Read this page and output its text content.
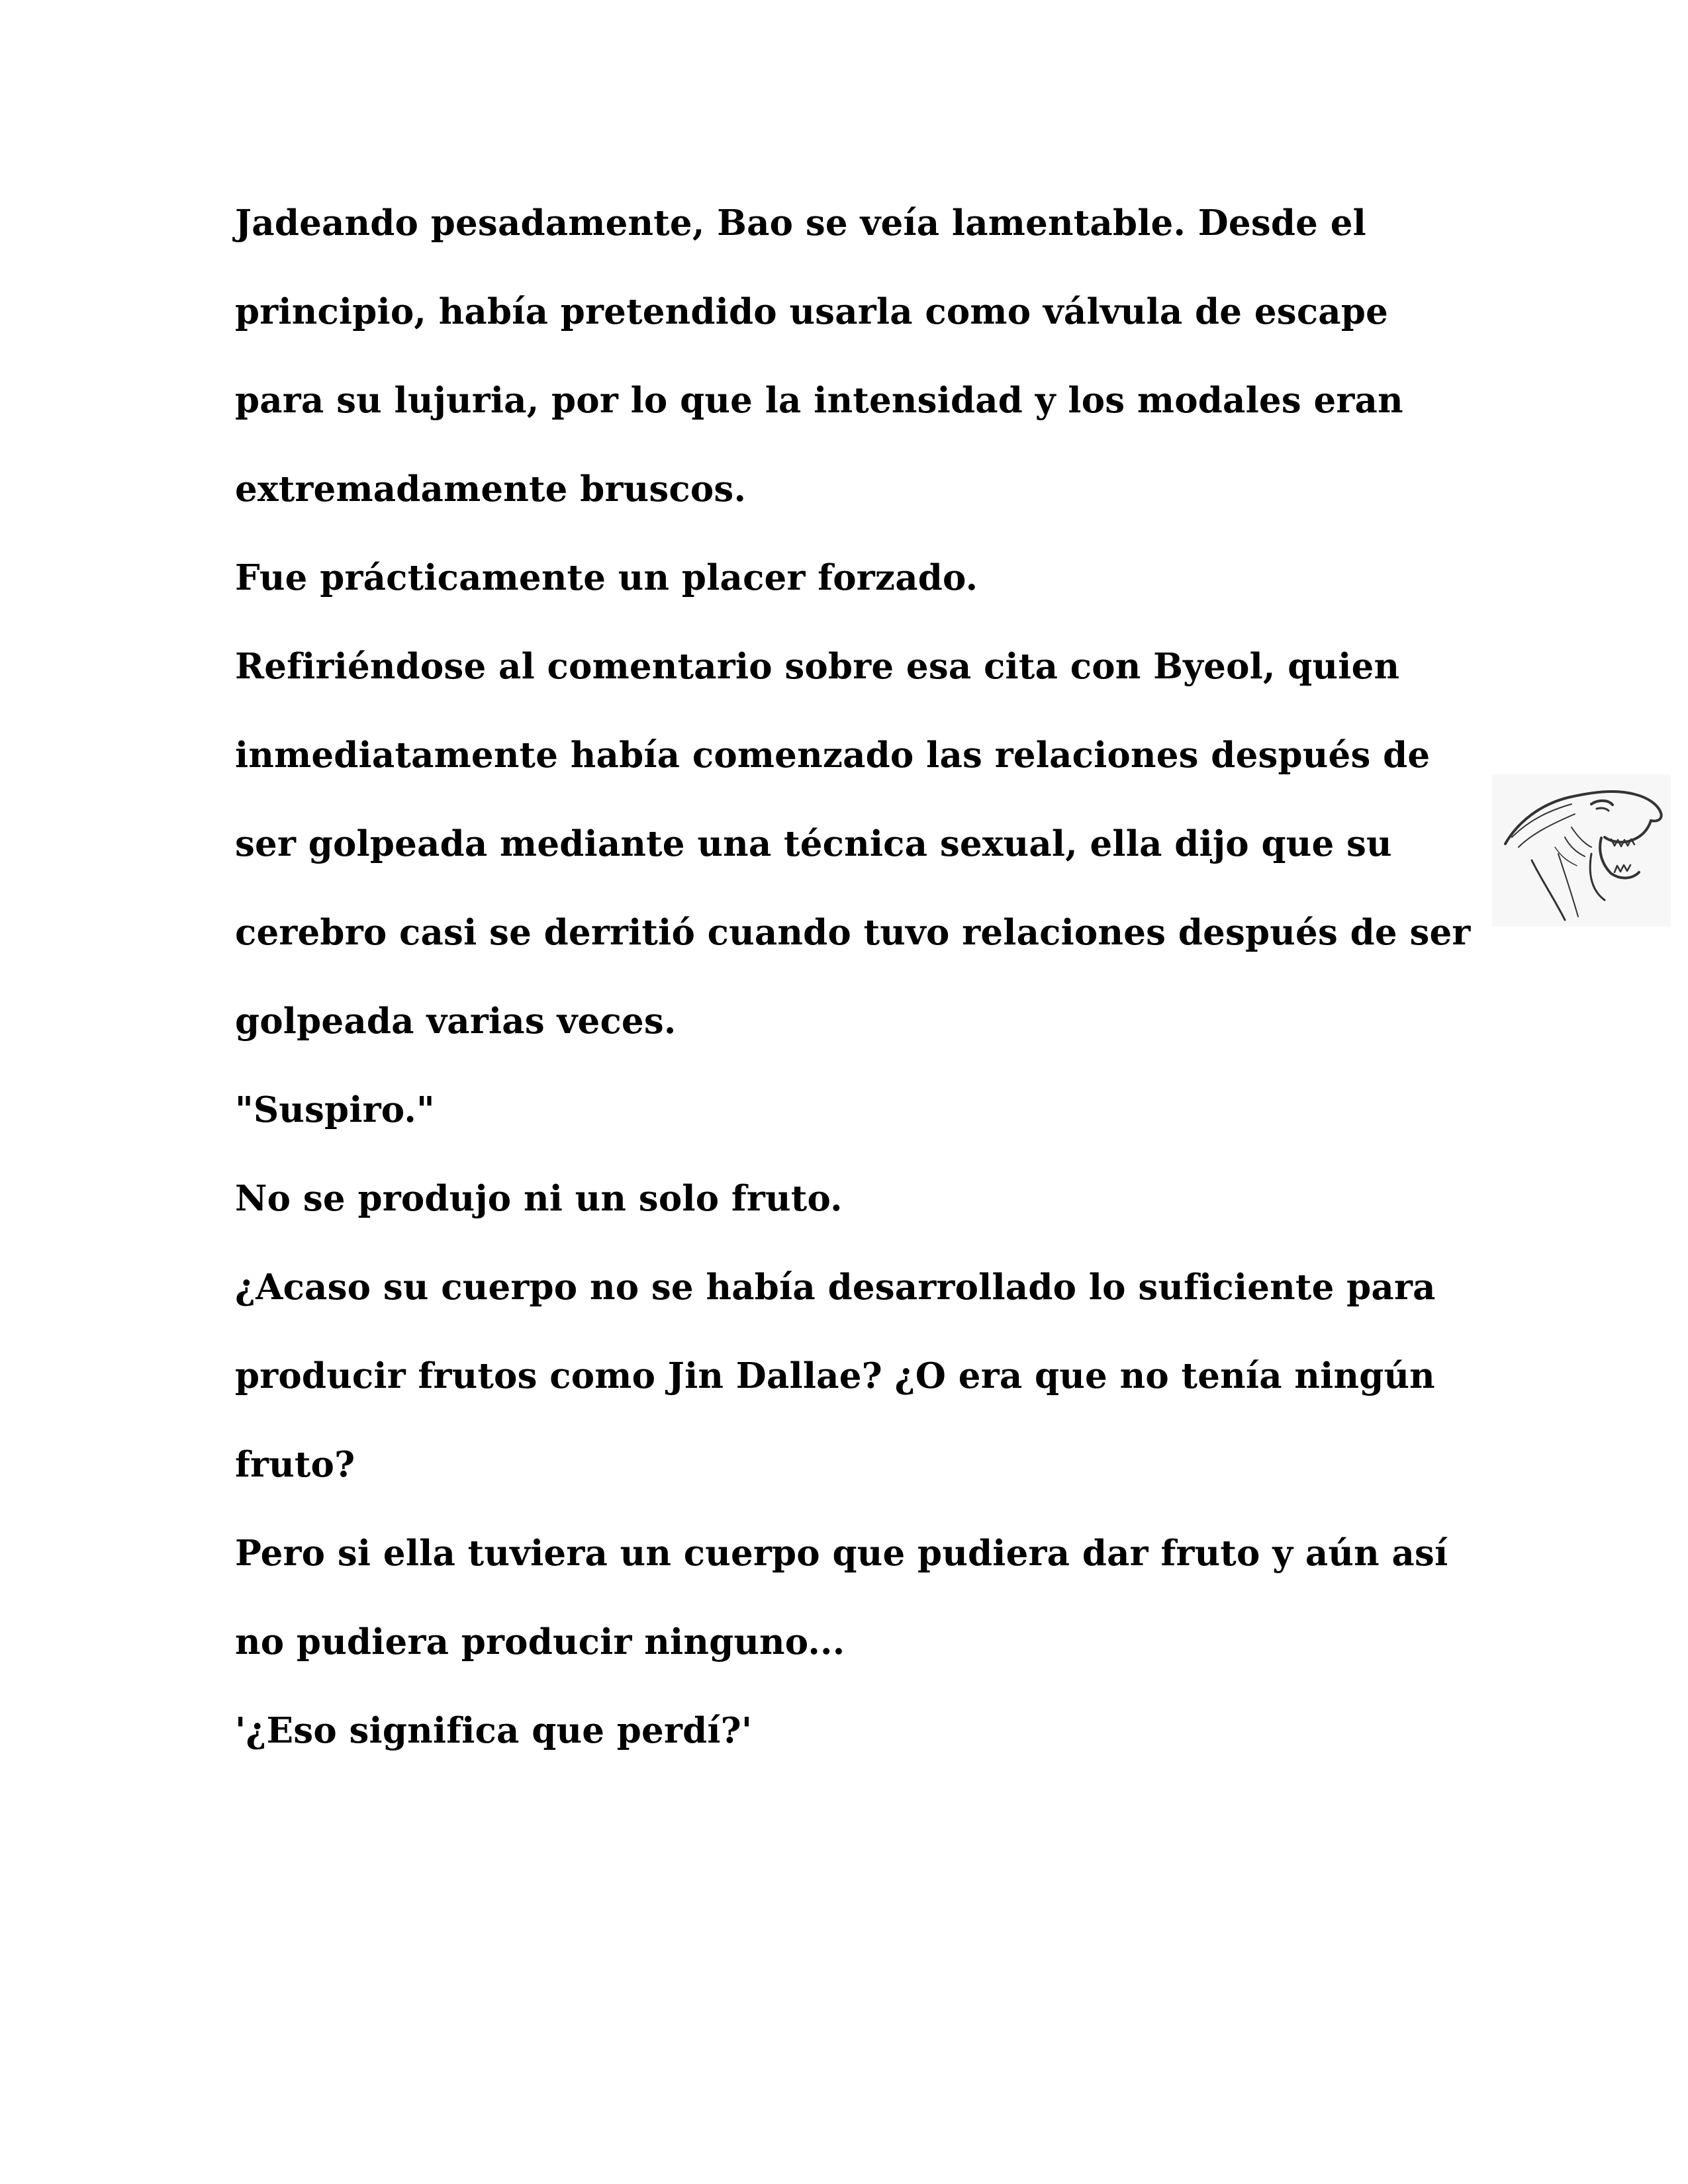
Jadeando pesadamente, Bao se veía lamentable. Desde el
principio, había pretendido usarla como válvula de escape
para su lujuria, por lo que la intensidad y los modales eran
extremadamente bruscos.
Fue prácticamente un placer forzado.
Refiriéndose al comentario sobre esa cita con Byeol, quien
inmediatamente había comenzado las relaciones después de
ser golpeada mediante una técnica sexual, ella dijo que su
cerebro casi se derritió cuando tuvo relaciones después de ser
golpeada varias veces.
"Suspiro."
No se produjo ni un solo fruto.
¿Acaso su cuerpo no se había desarrollado lo suficiente para
producir frutos como Jin Dallae? ¿O era que no tenía ningún
fruto?
Pero si ella tuviera un cuerpo que pudiera dar fruto y aún así
no pudiera producir ninguno...
'¿Eso significa que perdí?'
